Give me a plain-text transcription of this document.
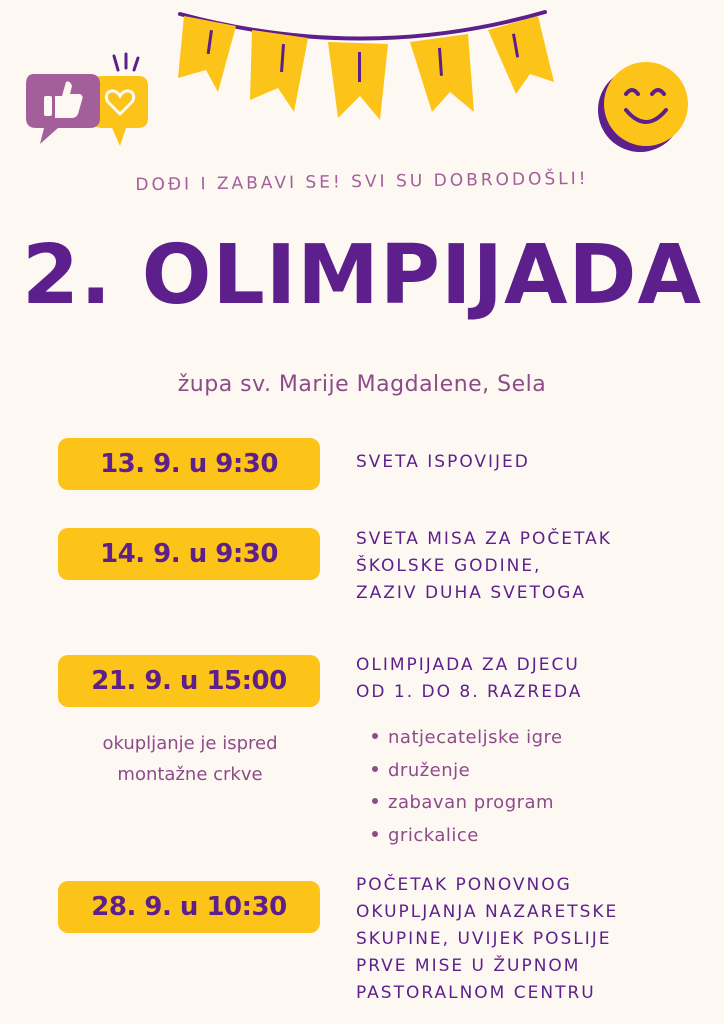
DOĐI I ZABAVI SE! SVI SU DOBRODOŠLI!
2. OLIMPIJADA
župa sv. Marije Magdalene, Sela
13. 9. u 9:30	SVETA ISPOVIJED
14. 9. u 9:30	SVETA MISA ZA POČETAK
ŠKOLSKE GODINE,
ZAZIV DUHA SVETOGA
21. 9. u 15:00
OLIMPIJADA ZA DJECU
OD 1. DO 8. RAZREDA
okupljanje je ispred
montažne crkve
natjecateljske igre
druženje
zabavan program
grickalice
28. 9. u 10:30
POČETAK PONOVNOG
OKUPLJANJA NAZARETSKE
SKUPINE, UVIJEK POSLIJE
PRVE MISE U ŽUPNOM
PASTORALNOM CENTRU
